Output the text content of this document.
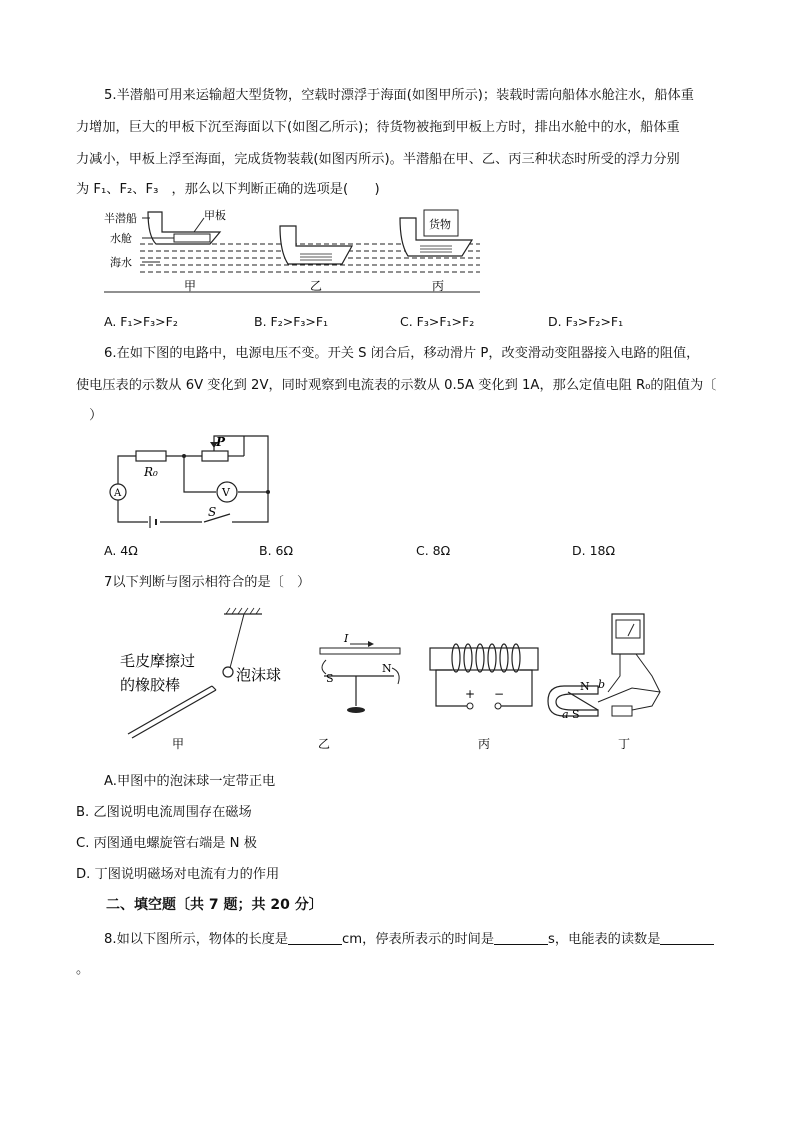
5.半潜船可用来运输超大型货物，空载时漂浮于海面(如图甲所示)；装载时需向船体水舱注水，船体重
力增加，巨大的甲板下沉至海面以下(如图乙所示)；待货物被拖到甲板上方时，排出水舱中的水，船体重
力减小，甲板上浮至海面，完成货物装载(如图丙所示)。半潜船在甲、乙、丙三种状态时所受的浮力分别
为 F₁、F₂、F₃　，那么以下判断正确的选项是(　　)
半潜船	甲板
水舱
海水
货物
甲	乙	丙
A. F₁>F₃>F₂	B. F₂>F₃>F₁	C. F₃>F₁>F₂	D. F₃>F₂>F₁
6.在如下图的电路中，电源电压不变。开关 S 闭合后，移动滑片 P，改变滑动变阻器接入电路的阻值，
使电压表的示数从 6V 变化到 2V，同时观察到电流表的示数从 0.5A 变化到 1A，那么定值电阻 R₀的阻值为〔
　）
P
R₀
A	V
S
A. 4Ω	B. 6Ω	C. 8Ω	D. 18Ω
7以下判断与图示相符合的是〔　）
毛皮摩擦过
的橡胶棒
泡沫球
甲
I
S
N
乙
+ −
丙
N
S
a
b
丁
A.甲图中的泡沫球一定带正电
B. 乙图说明电流周围存在磁场
C. 丙图通电螺旋管右端是 N 极
D. 丁图说明磁场对电流有力的作用
二、填空题〔共 7 题；共 20 分〕
8.如以下图所示，物体的长度是	cm，停表所表示的时间是	s，电能表的读数是
。
